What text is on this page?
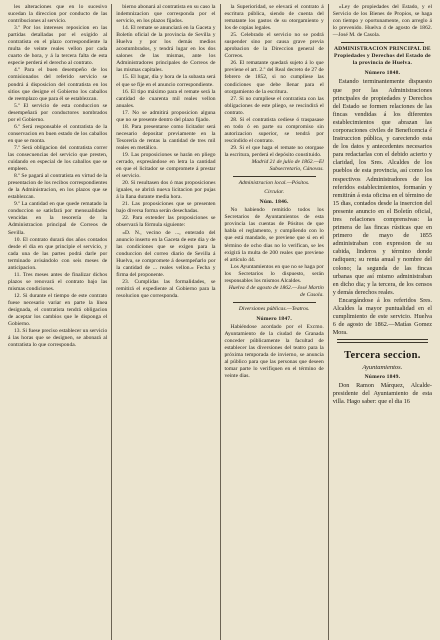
les alteraciones que en lo sucesivo sucedan la direccion por conducto de las contribuciones al servicio.

3.º Por los intereses reposicion en las partidas detalladas por el exigido al contratista en el plazo correspondiente la multa de veinte reales vellon por cada cuarto de hora, y á la tercera falta de esta especie perderá el derecho al contrato.

4.º Para el buen desempeño de los comisionados del referido servicio se pondrá á disposicion del contratista en los sitios que designe el Gobierno los caballos de reemplazo que para él se establezcan.

5.º El servicio de esta conduccion se desempeñará por conductores nombrados por el Gobierno.

6.º Será responsable el contratista de la conservacion en buen estado de los caballos en que se monta.

7.º Será obligacion del contratista correr las consecuencias del servicio que presten, cuidando en especial de los caballos que se empleen.

8.º Se pagará al contratista en virtud de la presentacion de los recibos correspondientes de la Administracion, en los plazos que se establezcan.

9.º La cantidad en que quede rematado la conduccion se satisfará por mensualidades vencidas en la tesorería de la Administracion principal de Correos de Sevilla.

10. El contrato durará dos años contados desde el dia en que principie el servicio, y cada una de las partes podrá darle por terminado avisándolo con seis meses de anticipacion.

11. Tres meses antes de finalizar dichos plazos se renovará el contrato bajo las mismas condiciones.

12. Si durante el tiempo de este contrato fuese necesario variar en parte la línea designada, el contratista tendrá obligacion de aceptar los cambios que le disponga el Gobierno.

13. Si fuese preciso establecer un servicio á las horas que se designen, se abonará al contratista lo que corresponda.

bierno abonará al contratista en su caso la indemnizacion que corresponda por el servicio, en los plazos fijados.

14. El remate se anunciará en la Gaceta y Boletín oficial de la provincia de Sevilla y Huelva y por los demás medios acostumbrados, y tendrá lugar en los dos salones de las mismas, ante los Administradores principales de Correos de las mismas capitales.

15. El lugar, dia y hora de la subasta será el que se fije en el anuncio correspondiente.

16. El tipo máximo para el remate será la cantidad de cuarenta mil reales vellon anuales.

17. No se admitirá proposicion alguna que no se presente dentro del plazo fijado.

18. Para presentarse como licitador será necesario depositar previamente en la Tesorería de rentas la cantidad de tres mil reales en metálico.

19. Las proposiciones se harán en pliego cerrado, expresándose en letra la cantidad en que el licitador se compromete á prestar el servicio.

20. Si resultasen dos ó mas proposiciones iguales, se abrirá nueva licitacion por pujas á la llana durante media hora.

21. Las proposiciones que se presenten bajo diversa forma serán desechadas.

22. Para extender las proposiciones se observará la fórmula siguiente:

«D. N., vecino de ..., enterado del anuncio inserto en la Gaceta de este dia y de las condiciones que se exigen para la conduccion del correo diario de Sevilla á Huelva, se compromete á desempeñarlo por la cantidad de ... reales vellon.» Fecha y firma del proponente.

23. Cumplidas las formalidades, se remitirá el expediente al Gobierno para la resolucion que corresponda.

la Superioridad, se elevará el contrato á escritura pública, siendo de cuenta del rematante los gastos de su otorgamiento y los de copias legales.

25. Celebrado el servicio no se podrá suspender sino por causa grave previa aprobacion de la Direccion general de Correos.

26. El rematante quedará sujeto á lo que previene el art. 2.º del Real decreto de 27 de febrero de 1852, si no cumpliese las condiciones que debe llenar para el otorgamiento de la escritura.

27. Si no cumpliese el contratista con las obligaciones de este pliego, se rescindirá el contrato.

28. Si el contratista cediese ó traspasase en todo ó en parte su compromiso sin autorizacion superior, se tendrá por rescindido el contrato.

29. Si el que haga el remate no otorgase la escritura, perderá el depósito constituido.

Madrid 21 de julio de 1862.—El Subsecretario, Cánovas.

Administracion local.—Pósitos.

Circular.

Núm. 1846.

No habiendo remitido todos los Secretarios de Ayuntamientos de esta provincia las cuentas de Pósitos de que habla el reglamento, y cumpliendo con lo que está mandado, se previene que si en el término de ocho dias no lo verifican, se les exigirá la multa de 200 reales que previene el artículo 44.

Los Ayuntamientos en que no se haga por los Secretarios lo dispuesto, serán responsables los mismos Alcaldes.

Huelva 4 de agosto de 1862.—José Martín de Casola.

Diversiones públicas.—Teatros.

Número 1847.

Habiéndose acordado por el Excmo. Ayuntamiento de la ciudad de Granada conceder públicamente la facultad de establecer las diversiones del teatro para la próxima temporada de invierno, se anuncia al público para que las personas que deseen tomar parte lo verifiquen en el término de veinte dias.

«Ley de propiedades del Estado, y el Servicio de los Bienes de Propios, se haga con tiempo y oportunamente, con arreglo á lo prevenido. Huelva 4 de agosto de 1862.—José M. de Casola.

ADMINISTRACION PRINCIPAL DE Propiedades y Derechos del Estado de la provincia de Huelva.

Número 1848.

Estando terminantemente dispuesto que por las Administraciones principales de propiedades y Derechos del Estado se formen relaciones de las fincas vendidas á los diferentes establecimientos que abrazan las corporaciones civiles de Beneficencia é Instruccion pública, y careciendo esta de los datos y antecedentes necesarios para redactarlas con el debido acierto y claridad, los Sres. Alcaldes de los pueblos de esta provincia, así como los respectivos Administradores de los referidos establecimientos, formarán y remitirán á esta oficina en el término de 15 dias, contados desde la insercion del presente anuncio en el Boletín oficial, tres relaciones comprensivas: la primera de las fincas rústicas que en primero de mayo de 1855 administraban con expresion de su cabida, linderos y término donde radiquen; su renta anual y nombre del colono; la segunda de las fincas urbanas que así mismo administraban en dicho dia; y la tercera, de los censos y demás derechos reales.

Encargándose á los referidos Sres. Alcaldes la mayor puntualidad en el cumplimiento de este servicio. Huelva 6 de agosto de 1862.—Matías Gomez Mora.

Tercera seccion.
Ayuntamientos.

Número 1849.

Don Ramon Márquez, Alcalde-presidente del Ayuntamiento de esta villa. Hago saber: que el dia 16
